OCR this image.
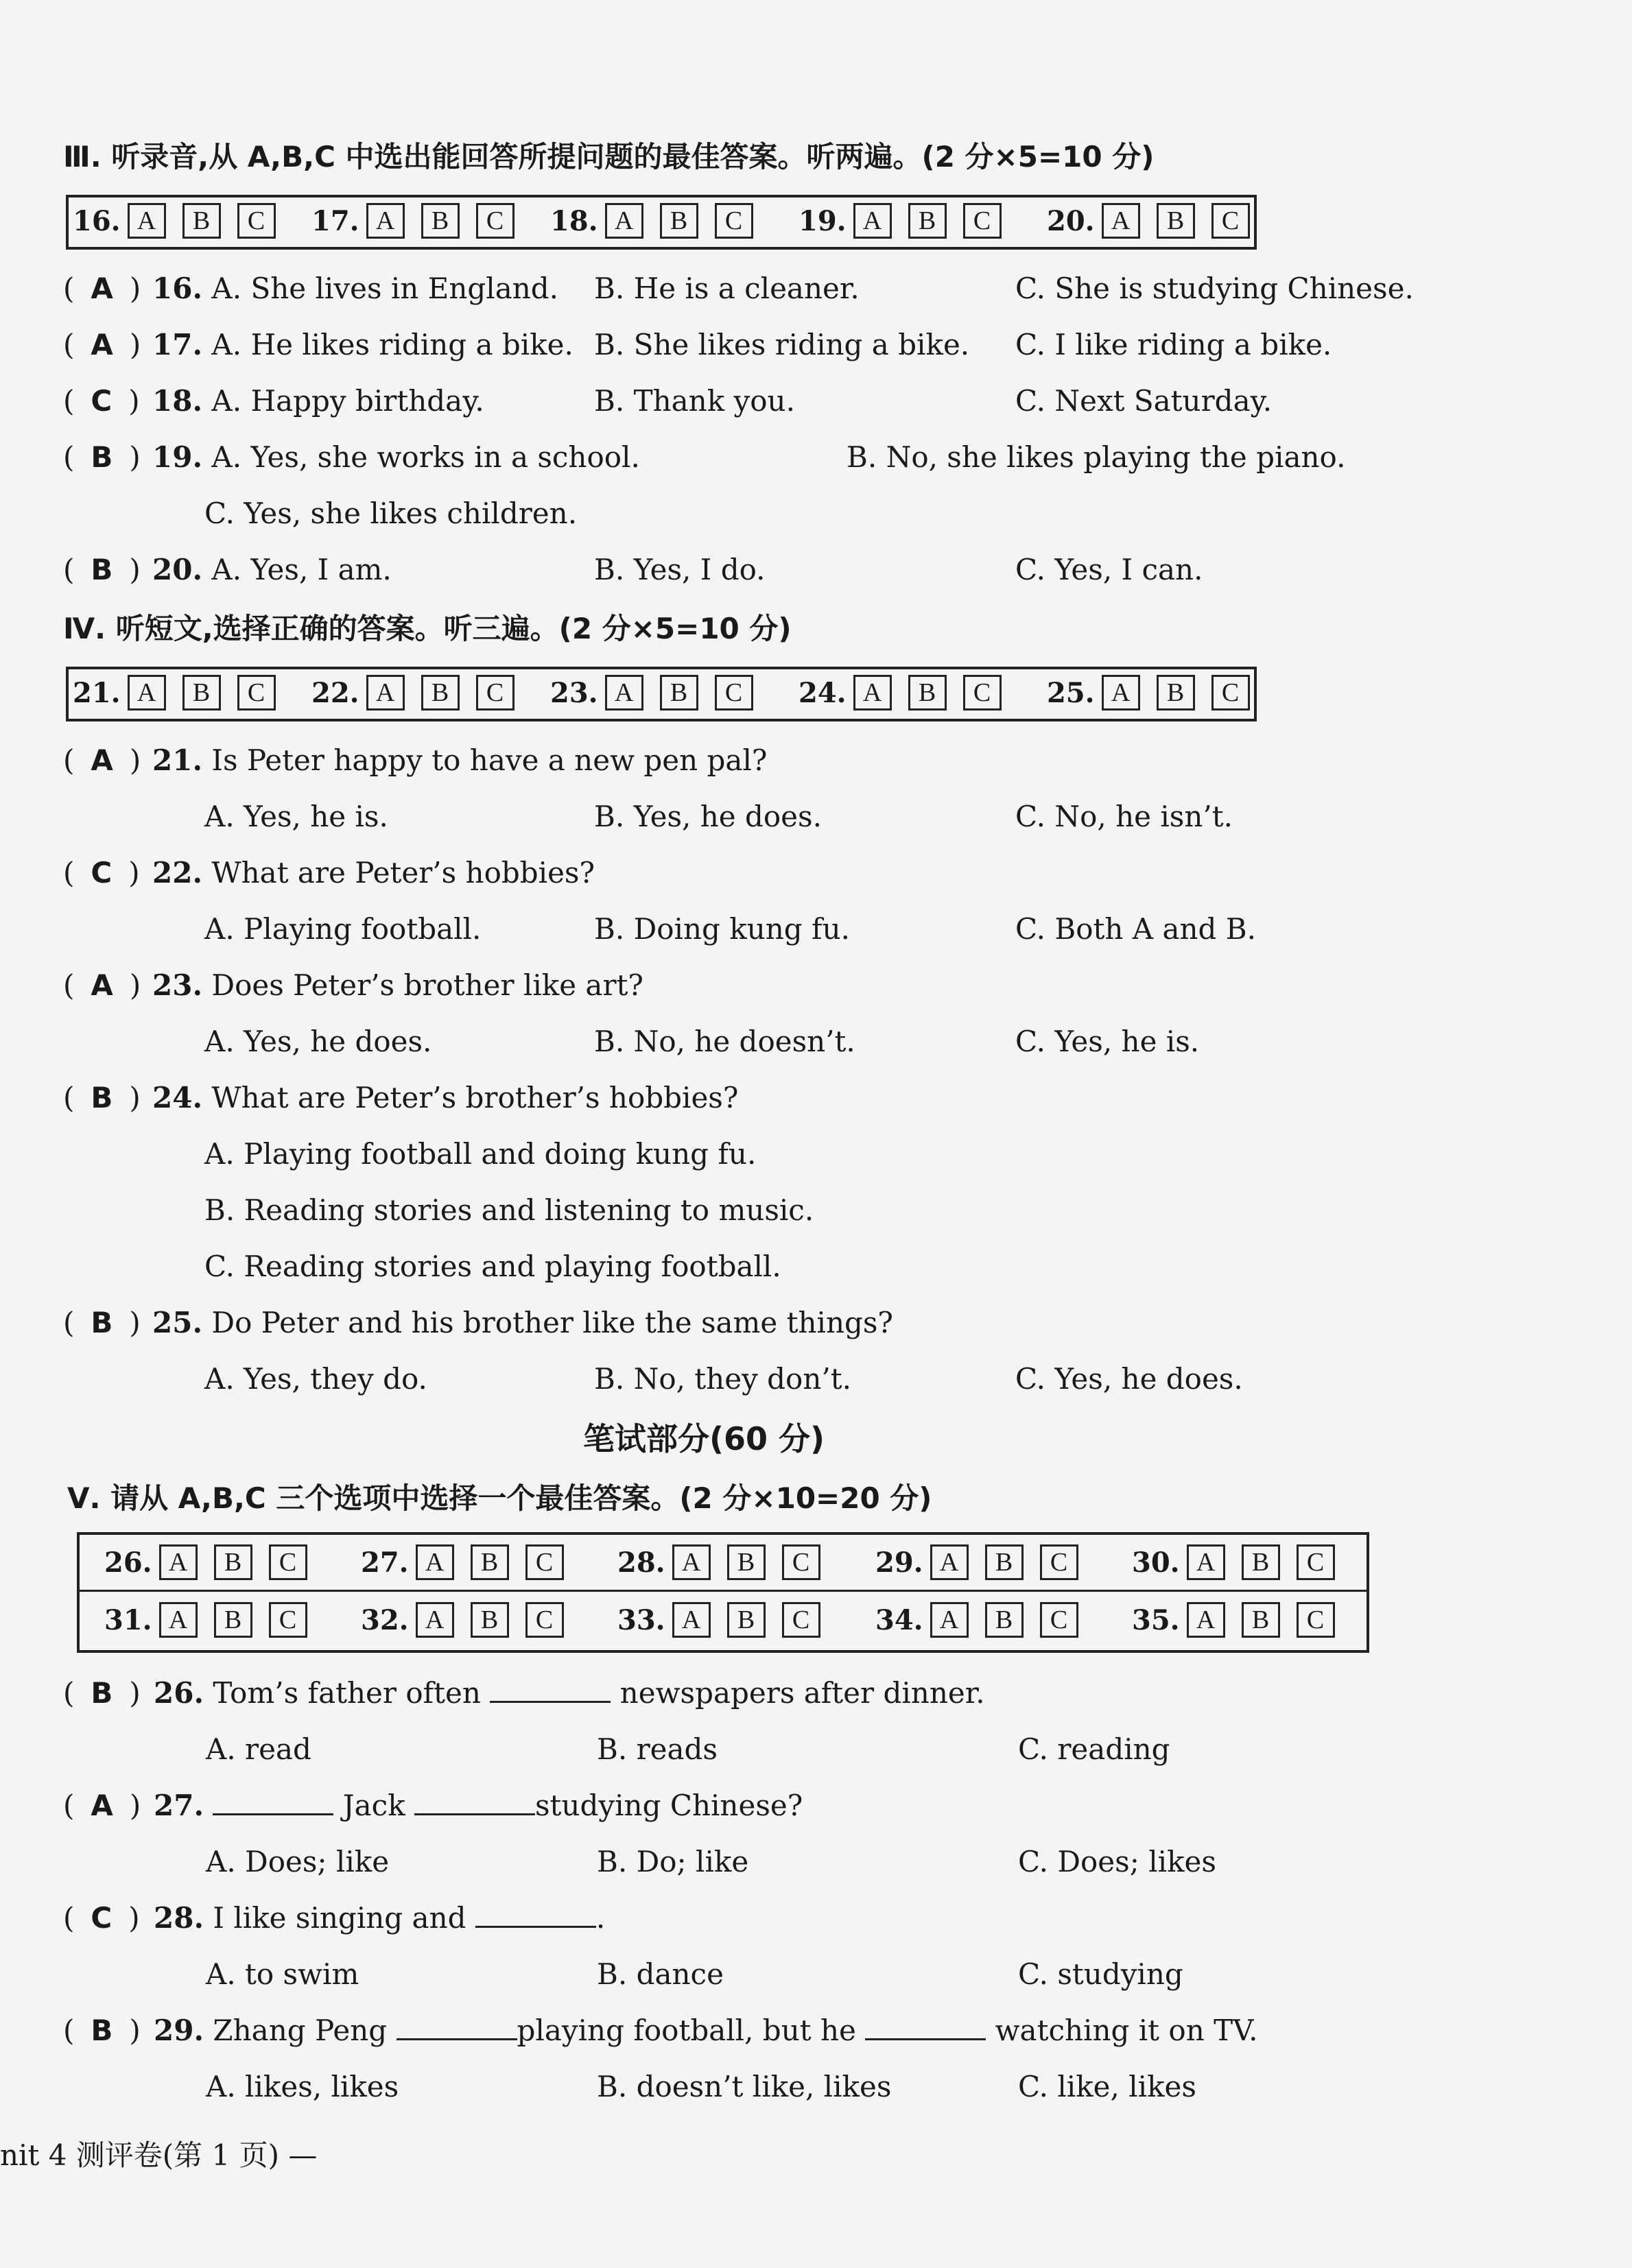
Ⅲ. 听录音,从 A,B,C 中选出能回答所提问题的最佳答案。听两遍。(2 分×5=10 分)
16. A	B	C	17. A	B	C	18. A	B	C	19. A	B	C	20. A	B	C
( A ) 16. A. She lives in England. B. He is a cleaner.	C. She is studying Chinese.
( A ) 17. A. He likes riding a bike. B. She likes riding a bike. C. I like riding a bike.
( C ) 18. A. Happy birthday.	B. Thank you.	C. Next Saturday.
( B ) 19. A. Yes, she works in a school.	B. No, she likes playing the piano.
C. Yes, she likes children.
( B ) 20. A. Yes, I am.	B. Yes, I do.	C. Yes, I can.
Ⅳ. 听短文,选择正确的答案。听三遍。(2 分×5=10 分)
21. A	B	C	22. A	B	C	23. A	B	C	24. A	B	C	25. A	B	C
( A ) 21. Is Peter happy to have a new pen pal?
A. Yes, he is.	B. Yes, he does.	C. No, he isn’t.
( C ) 22. What are Peter’s hobbies?
A. Playing football.	B. Doing kung fu.	C. Both A and B.
( A ) 23. Does Peter’s brother like art?
A. Yes, he does.	B. No, he doesn’t.	C. Yes, he is.
( B ) 24. What are Peter’s brother’s hobbies?
A. Playing football and doing kung fu.
B. Reading stories and listening to music.
C. Reading stories and playing football.
( B ) 25. Do Peter and his brother like the same things?
A. Yes, they do.	B. No, they don’t.	C. Yes, he does.
笔试部分(60 分)
Ⅴ. 请从 A,B,C 三个选项中选择一个最佳答案。(2 分×10=20 分)
26. A	B	C	27. A	B	C	28. A	B	C	29. A	B	C	30. A	B	C
31. A	B	C	32. A	B	C	33. A	B	C	34. A	B	C	35. A	B	C
( B ) 26. Tom’s father often	newspapers after dinner.
A. read	B. reads	C. reading
( A ) 27.	Jack	studying Chinese?
A. Does; like	B. Do; like	C. Does; likes
( C ) 28. I like singing and	.
A. to swim	B. dance	C. studying
( B ) 29. Zhang Peng	playing football, but he	watching it on TV.
A. likes, likes	B. doesn’t like, likes	C. like, likes
nit 4 测评卷(第 1 页) —
